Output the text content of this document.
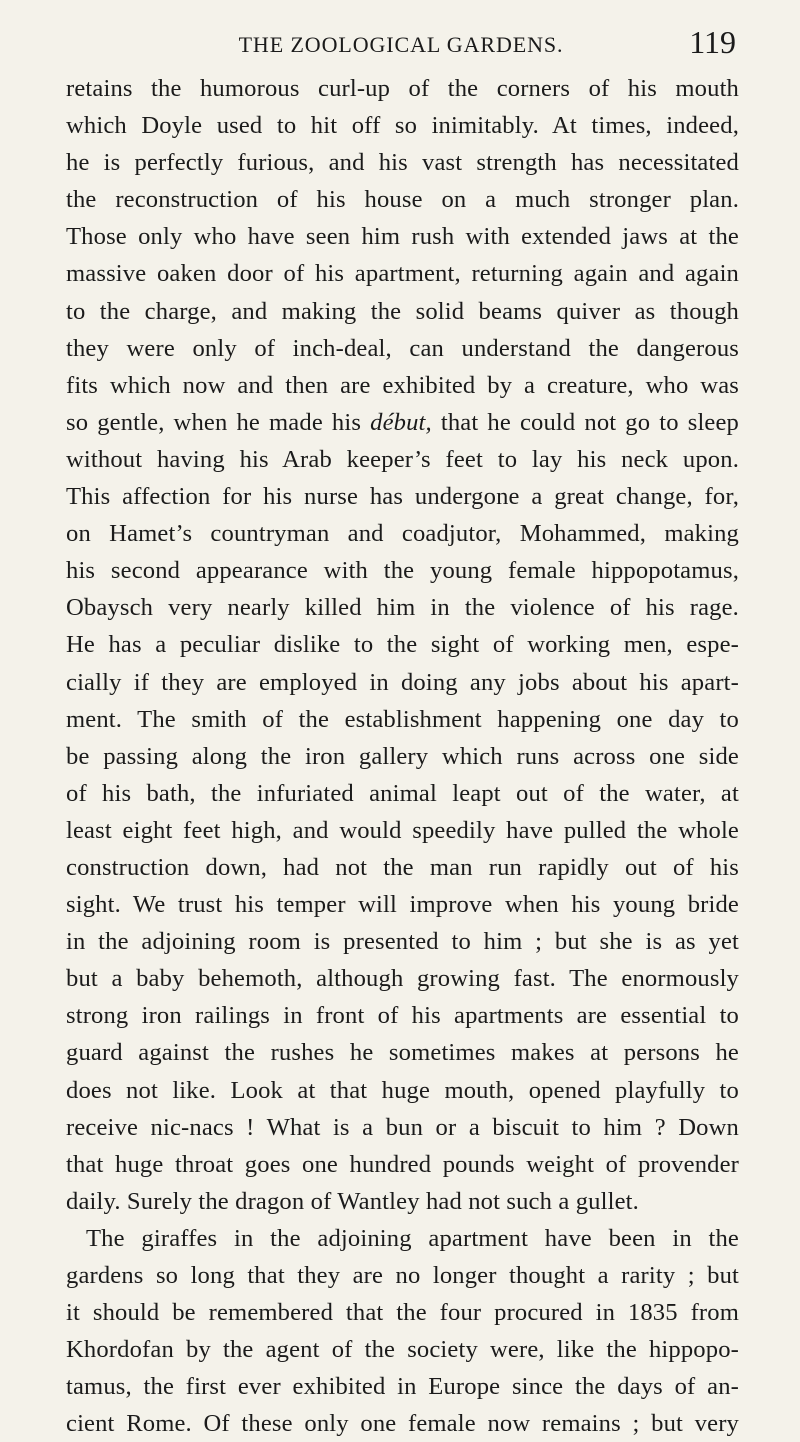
THE ZOOLOGICAL GARDENS.	119
retains the humorous curl-up of the corners of his mouth
which Doyle used to hit off so inimitably. At times, indeed,
he is perfectly furious, and his vast strength has necessitated
the reconstruction of his house on a much stronger plan.
Those only who have seen him rush with extended jaws at the
massive oaken door of his apartment, returning again and again
to the charge, and making the solid beams quiver as though
they were only of inch-deal, can understand the dangerous
fits which now and then are exhibited by a creature, who was
so gentle, when he made his début, that he could not go to sleep
without having his Arab keeper’s feet to lay his neck upon.
This affection for his nurse has undergone a great change, for,
on Hamet’s countryman and coadjutor, Mohammed, making
his second appearance with the young female hippopotamus,
Obaysch very nearly killed him in the violence of his rage.
He has a peculiar dislike to the sight of working men, espe-
cially if they are employed in doing any jobs about his apart-
ment. The smith of the establishment happening one day to
be passing along the iron gallery which runs across one side
of his bath, the infuriated animal leapt out of the water, at
least eight feet high, and would speedily have pulled the whole
construction down, had not the man run rapidly out of his
sight. We trust his temper will improve when his young bride
in the adjoining room is presented to him ; but she is as yet
but a baby behemoth, although growing fast. The enormously
strong iron railings in front of his apartments are essential to
guard against the rushes he sometimes makes at persons he
does not like. Look at that huge mouth, opened playfully to
receive nic-nacs ! What is a bun or a biscuit to him ? Down
that huge throat goes one hundred pounds weight of provender
daily. Surely the dragon of Wantley had not such a gullet.
The giraffes in the adjoining apartment have been in the
gardens so long that they are no longer thought a rarity ; but
it should be remembered that the four procured in 1835 from
Khordofan by the agent of the society were, like the hippopo-
tamus, the first ever exhibited in Europe since the days of an-
cient Rome. Of these only one female now remains ; but very
